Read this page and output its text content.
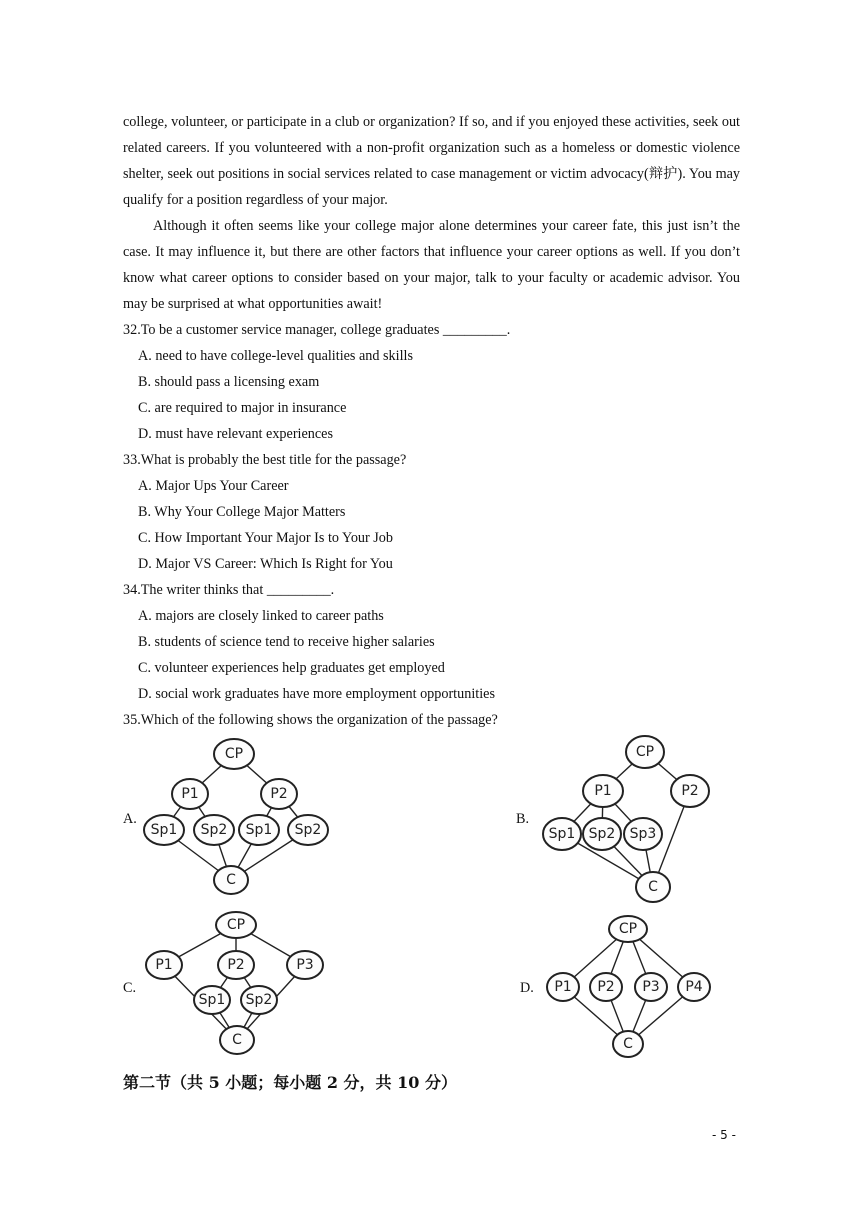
college, volunteer, or participate in a club or organization? If so, and if you enjoyed these activities, seek out related careers. If you volunteered with a non-profit organization such as a homeless or domestic violence shelter, seek out positions in social services related to case management or victim advocacy(辩护). You may qualify for a position regardless of your major.

Although it often seems like your college major alone determines your career fate, this just isn’t the case. It may influence it, but there are other factors that influence your career options as well. If you don’t know what career options to consider based on your major, talk to your faculty or academic advisor. You may be surprised at what opportunities await!

32.To be a customer service manager, college graduates _________.
A. need to have college-level qualities and skills
B. should pass a licensing exam
C. are required to major in insurance
D. must have relevant experiences
33.What is probably the best title for the passage?
A. Major Ups Your Career
B. Why Your College Major Matters
C. How Important Your Major Is to Your Job
D. Major VS Career: Which Is Right for You
34.The writer thinks that _________.
A. majors are closely linked to career paths
B. students of science tend to receive higher salaries
C. volunteer experiences help graduates get employed
D. social work graduates have more employment opportunities
35.Which of the following shows the organization of the passage?
A.
CP
P1	P2
Sp1 Sp2 Sp1 Sp2
C
B.
CP
P1	P2
Sp1 Sp2 Sp3
C
C.
CP
P1	P2	P3
Sp1 Sp2
C
D.
CP
P1 P2 P3 P4
C
第二节（共 5 小题；每小题 2 分，共 10 分）
- 5 -
